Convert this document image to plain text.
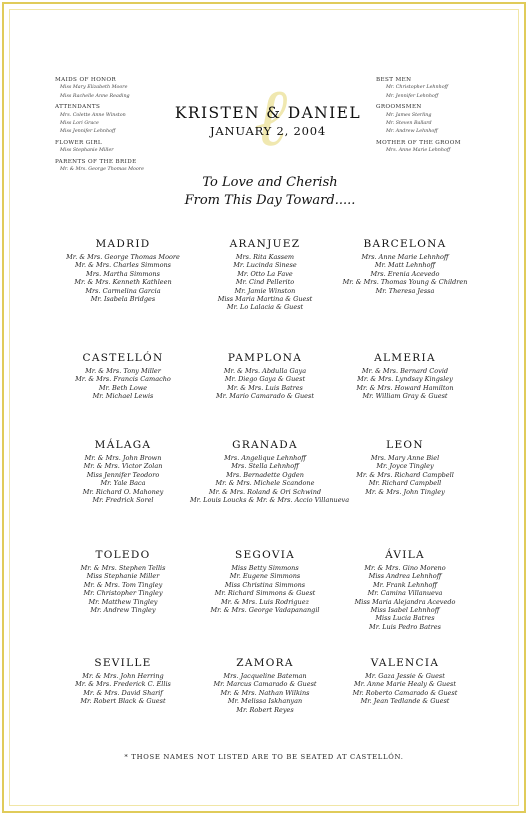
ℓ
MAIDS OF HONOR
Miss Mary Elizabeth Moore
Miss Rachelle Anne Reading
ATTENDANTS
Mrs. Colette Anne Winston
Miss Lori Grace
Miss Jennifer Lehnhoff
FLOWER GIRL
Miss Stephanie Miller
PARENTS OF THE BRIDE
Mr. & Mrs. George Thomas Moore
BEST MEN
Mr. Christopher Lehnhoff
Mr. Jennifer Lehnhoff
GROOMSMEN
Mr. James Sterling
Mr. Steven Ballard
Mr. Andrew Lehnhoff
MOTHER OF THE GROOM
Mrs. Anne Marie Lehnhoff
KRISTEN & DANIEL
JANUARY 2, 2004
To Love and Cherish
From This Day Toward.....
MADRID
Mr. & Mrs. George Thomas Moore
Mr. & Mrs. Charles Simmons
Mrs. Martha Simmons
Mr. & Mrs. Kenneth Kathleen
Mrs. Carmelina Garcia
Mr. Isabela Bridges
ARANJUEZ
Mrs. Rita Kassem
Mr. Lucinda Sinese
Mr. Otto La Fave
Mr. Cind Pellerito
Mr. Jamie Winston
Miss Maria Martina & Guest
Mr. Lo Lalacia & Guest
BARCELONA
Mrs. Anne Marie Lehnhoff
Mr. Matt Lehnhoff
Mrs. Erenia Acevedo
Mr. & Mrs. Thomas Young & Children
Mr. Theresa Jessa
CASTELLÓN
Mr. & Mrs. Tony Miller
Mr. & Mrs. Francis Camacho
Mr. Beth Lowe
Mr. Michael Lewis
PAMPLONA
Mr. & Mrs. Abdulla Gaya
Mr. Diego Gaya & Guest
Mr. & Mrs. Luis Batres
Mr. Mario Camarado & Guest
ALMERIA
Mr. & Mrs. Bernard Covid
Mr. & Mrs. Lyndsay Kingsley
Mr. & Mrs. Howard Hamilton
Mr. William Gray & Guest
MÁLAGA
Mr. & Mrs. John Brown
Mr. & Mrs. Victor Zolan
Miss Jennifer Teodoro
Mr. Yale Baca
Mr. Richard O. Mahoney
Mr. Fredrick Sorel
GRANADA
Mrs. Angelique Lehnhoff
Mrs. Stella Lehnhoff
Mrs. Bernadette Ogden
Mr. & Mrs. Michele Scandone
Mr. & Mrs. Roland & Ori Schwind
Mr. Louis Loucks & Mr. & Mrs. Accio Villanueva
LEON
Mrs. Mary Anne Biel
Mr. Joyce Tingley
Mr. & Mrs. Richard Campbell
Mr. Richard Campbell
Mr. & Mrs. John Tingley
TOLEDO
Mr. & Mrs. Stephen Tellis
Miss Stephanie Miller
Mr. & Mrs. Tom Tingley
Mr. Christopher Tingley
Mr. Matthew Tingley
Mr. Andrew Tingley
SEGOVIA
Miss Betty Simmons
Mr. Eugene Simmons
Miss Christina Simmons
Mr. Richard Simmons & Guest
Mr. & Mrs. Luis Rodriguez
Mr. & Mrs. George Vadapanangil
ÁVILA
Mr. & Mrs. Gino Moreno
Miss Andrea Lehnhoff
Mr. Frank Lehnhoff
Mr. Camina Villanueva
Miss Maria Alejandra Acevedo
Miss Isabel Lehnhoff
Miss Lucia Batres
Mr. Luis Pedro Batres
SEVILLE
Mr. & Mrs. John Herring
Mr. & Mrs. Frederick C. Ellis
Mr. & Mrs. David Sharif
Mr. Robert Black & Guest
ZAMORA
Mrs. Jacqueline Bateman
Mr. Marcus Camarado & Guest
Mr. & Mrs. Nathan Wilkins
Mr. Melissa Iskhanyan
Mr. Robert Reyes
VALENCIA
Mr. Gaza Jessie & Guest
Mr. Anne Marie Healy & Guest
Mr. Roberto Camarado & Guest
Mr. Jean Tedlande & Guest
* THOSE NAMES NOT LISTED ARE TO BE SEATED AT CASTELLÓN.
